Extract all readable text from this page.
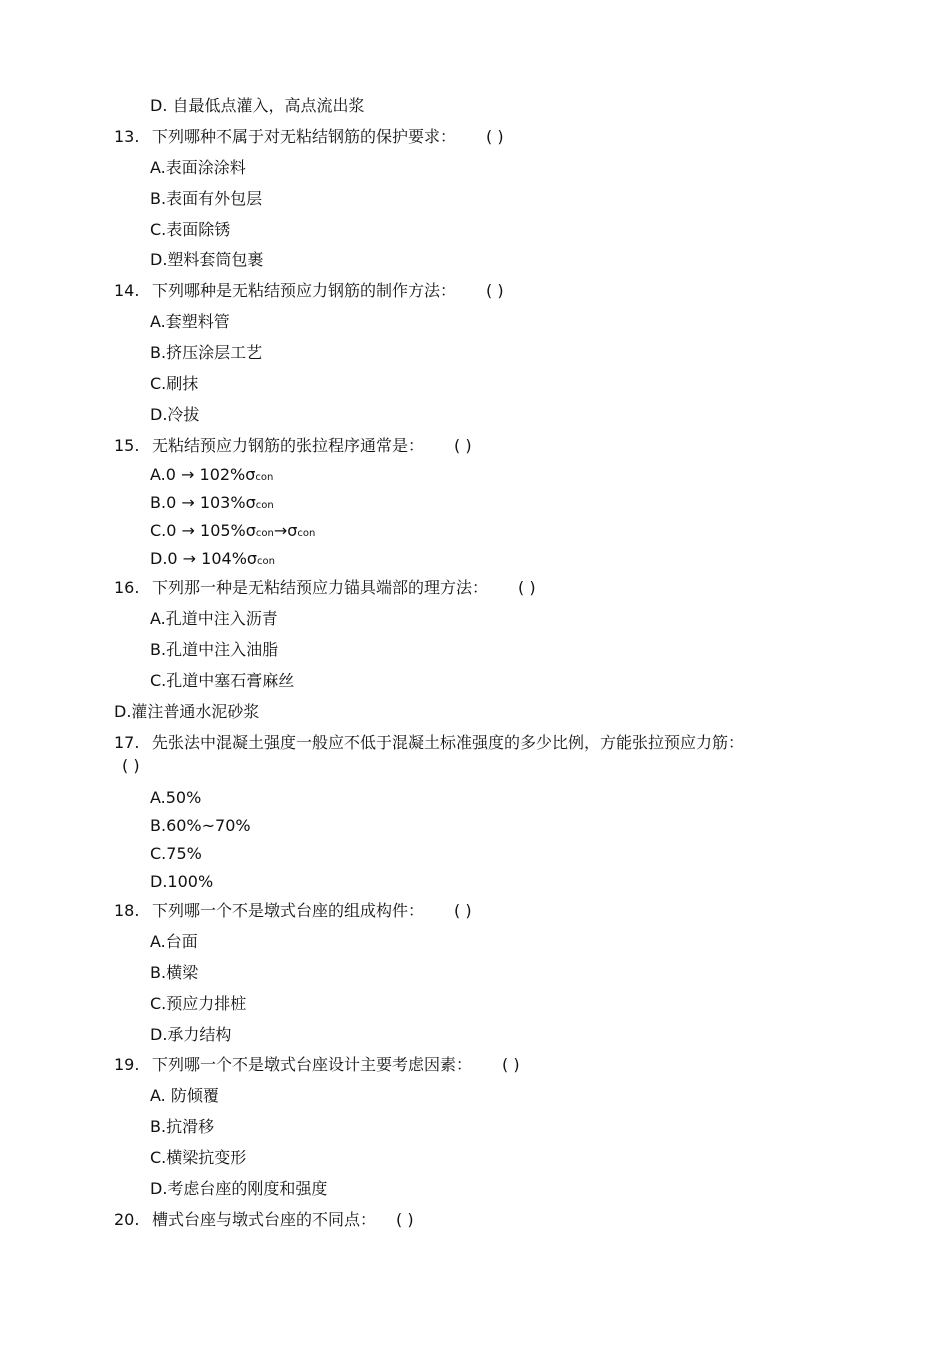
D. 自最低点灌入，高点流出浆
13. 下列哪种不属于对无粘结钢筋的保护要求： ( )
A.表面涂涂料
B.表面有外包层
C.表面除锈
D.塑料套筒包裹
14. 下列哪种是无粘结预应力钢筋的制作方法： ( )
A.套塑料管
B.挤压涂层工艺
C.刷抹
D.冷拔
15. 无粘结预应力钢筋的张拉程序通常是： ( )
A.0 → 102%σcon
B.0 → 103%σcon
C.0 → 105%σcon→σcon
D.0 → 104%σcon
16. 下列那一种是无粘结预应力锚具端部的理方法： ( )
A.孔道中注入沥青
B.孔道中注入油脂
C.孔道中塞石膏麻丝
D.灌注普通水泥砂浆
17. 先张法中混凝土强度一般应不低于混凝土标准强度的多少比例，方能张拉预应力筋：
( )
A.50%
B.60%~70%
C.75%
D.100%
18. 下列哪一个不是墩式台座的组成构件： ( )
A.台面
B.横梁
C.预应力排桩
D.承力结构
19. 下列哪一个不是墩式台座设计主要考虑因素： ( )
A. 防倾覆
B.抗滑移
C.横梁抗变形
D.考虑台座的刚度和强度
20. 槽式台座与墩式台座的不同点： ( )
